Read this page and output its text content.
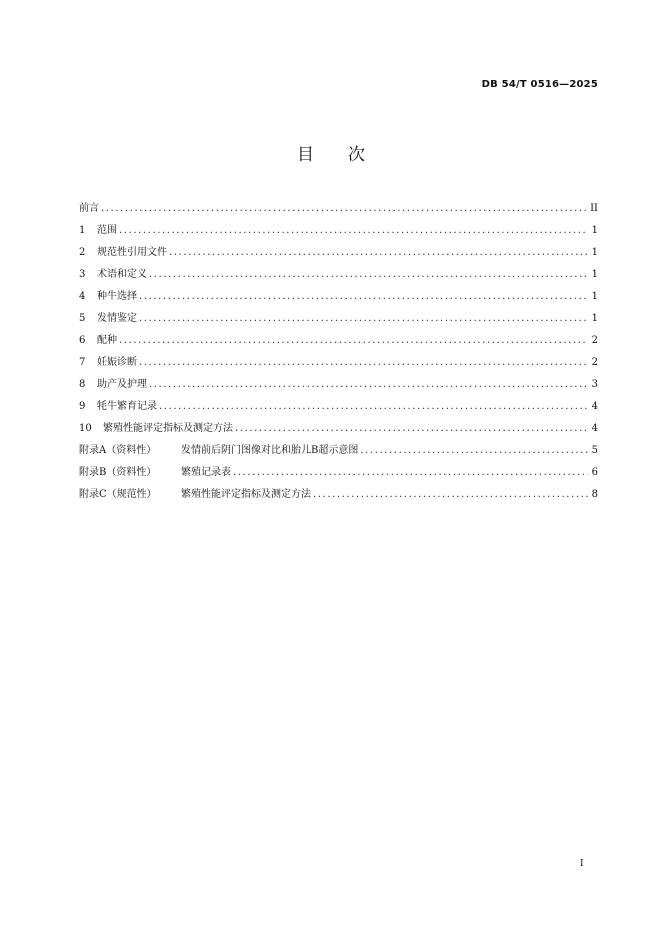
DB 54/T 0516—2025
目次
前言 .....	II
1	范围 .....	1
2	规范性引用文件 .....	1
3	术语和定义 .....	1
4	种牛选择 .....	1
5	发情鉴定 .....	1
6	配种 .....	2
7	妊娠诊断 .....	2
8	助产及护理 .....	3
9	牦牛繁育记录 .....	4
10	繁殖性能评定指标及测定方法 .....	4
附录A（资料性）	发情前后阴门图像对比和胎儿B超示意图 .....	5
附录B（资料性）	繁殖记录表 .....	6
附录C（规范性）	繁殖性能评定指标及测定方法 .....	8
I
